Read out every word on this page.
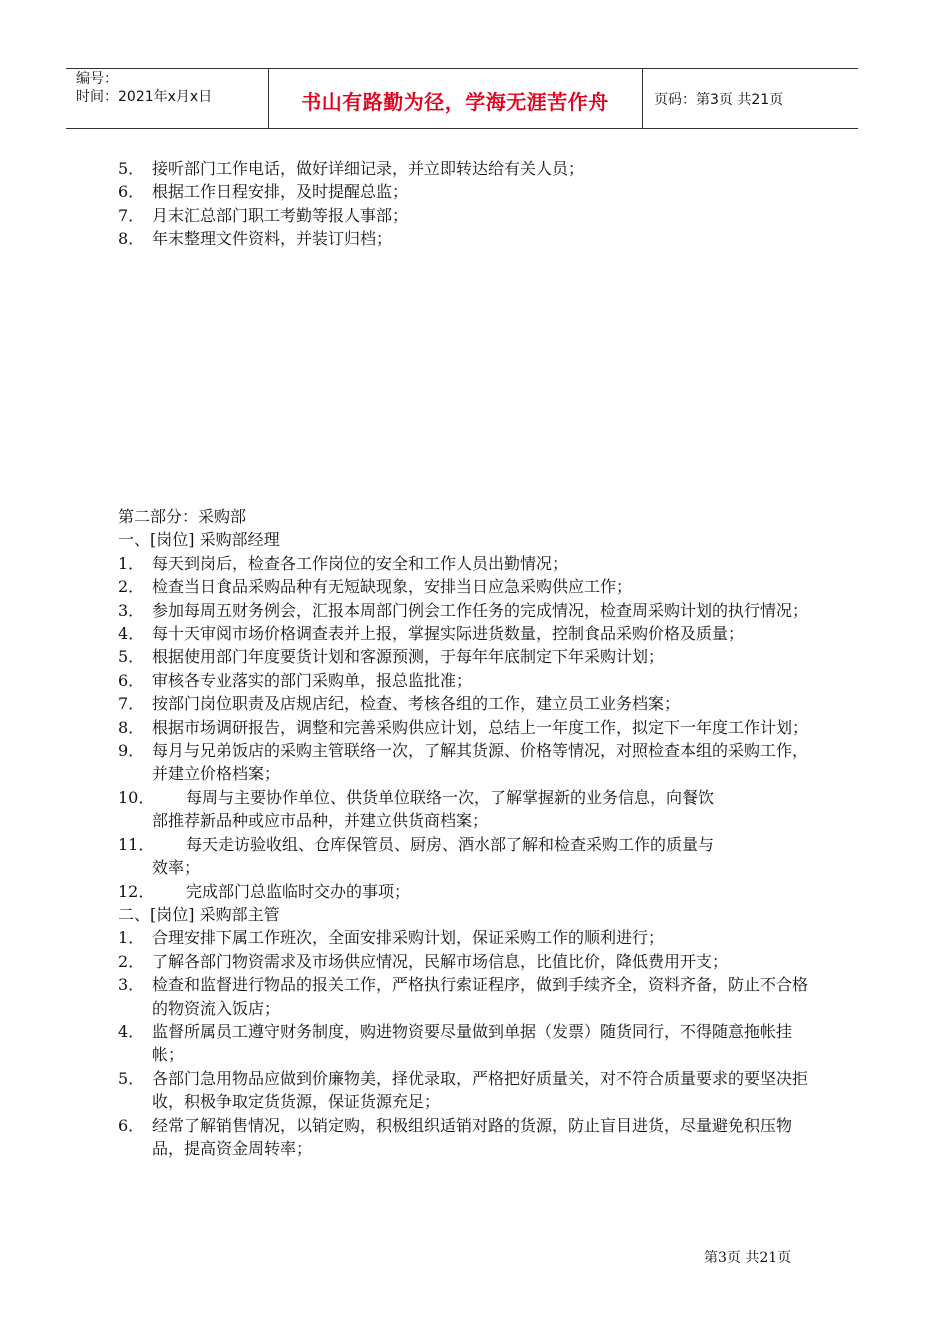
编号：
时间：2021年x月x日	书山有路勤为径，学海无涯苦作舟	页码：第3页 共21页
5． 接听部门工作电话，做好详细记录，并立即转达给有关人员；
6． 根据工作日程安排，及时提醒总监；
7． 月末汇总部门职工考勤等报人事部；
8． 年末整理文件资料，并装订归档；
第二部分：采购部
一、[岗位] 采购部经理
1． 每天到岗后，检查各工作岗位的安全和工作人员出勤情况；
2． 检查当日食品采购品种有无短缺现象，安排当日应急采购供应工作；
3． 参加每周五财务例会，汇报本周部门例会工作任务的完成情况，检查周采购计划的执行情况；
4． 每十天审阅市场价格调查表并上报，掌握实际进货数量，控制食品采购价格及质量；
5． 根据使用部门年度要货计划和客源预测，于每年年底制定下年采购计划；
6． 审核各专业落实的部门采购单，报总监批准；
7． 按部门岗位职责及店规店纪，检查、考核各组的工作，建立员工业务档案；
8． 根据市场调研报告，调整和完善采购供应计划，总结上一年度工作，拟定下一年度工作计划；
9． 每月与兄弟饭店的采购主管联络一次，了解其货源、价格等情况，对照检查本组的采购工作，并建立价格档案；
10．	每周与主要协作单位、供货单位联络一次，了解掌握新的业务信息，向餐饮
部推荐新品种或应市品种，并建立供货商档案；
11．	每天走访验收组、仓库保管员、厨房、酒水部了解和检查采购工作的质量与
效率；
12．	完成部门总监临时交办的事项；
二、[岗位] 采购部主管
1． 合理安排下属工作班次，全面安排采购计划，保证采购工作的顺利进行；
2． 了解各部门物资需求及市场供应情况，民解市场信息，比值比价，降低费用开支；
3． 检查和监督进行物品的报关工作，严格执行索证程序，做到手续齐全，资料齐备，防止不合格的物资流入饭店；
4． 监督所属员工遵守财务制度，购进物资要尽量做到单据（发票）随货同行，不得随意拖帐挂帐；
5． 各部门急用物品应做到价廉物美，择优录取，严格把好质量关，对不符合质量要求的要坚决拒收，积极争取定货货源，保证货源充足；
6． 经常了解销售情况，以销定购，积极组织适销对路的货源，防止盲目进货，尽量避免积压物品，提高资金周转率；
第3页 共21页
